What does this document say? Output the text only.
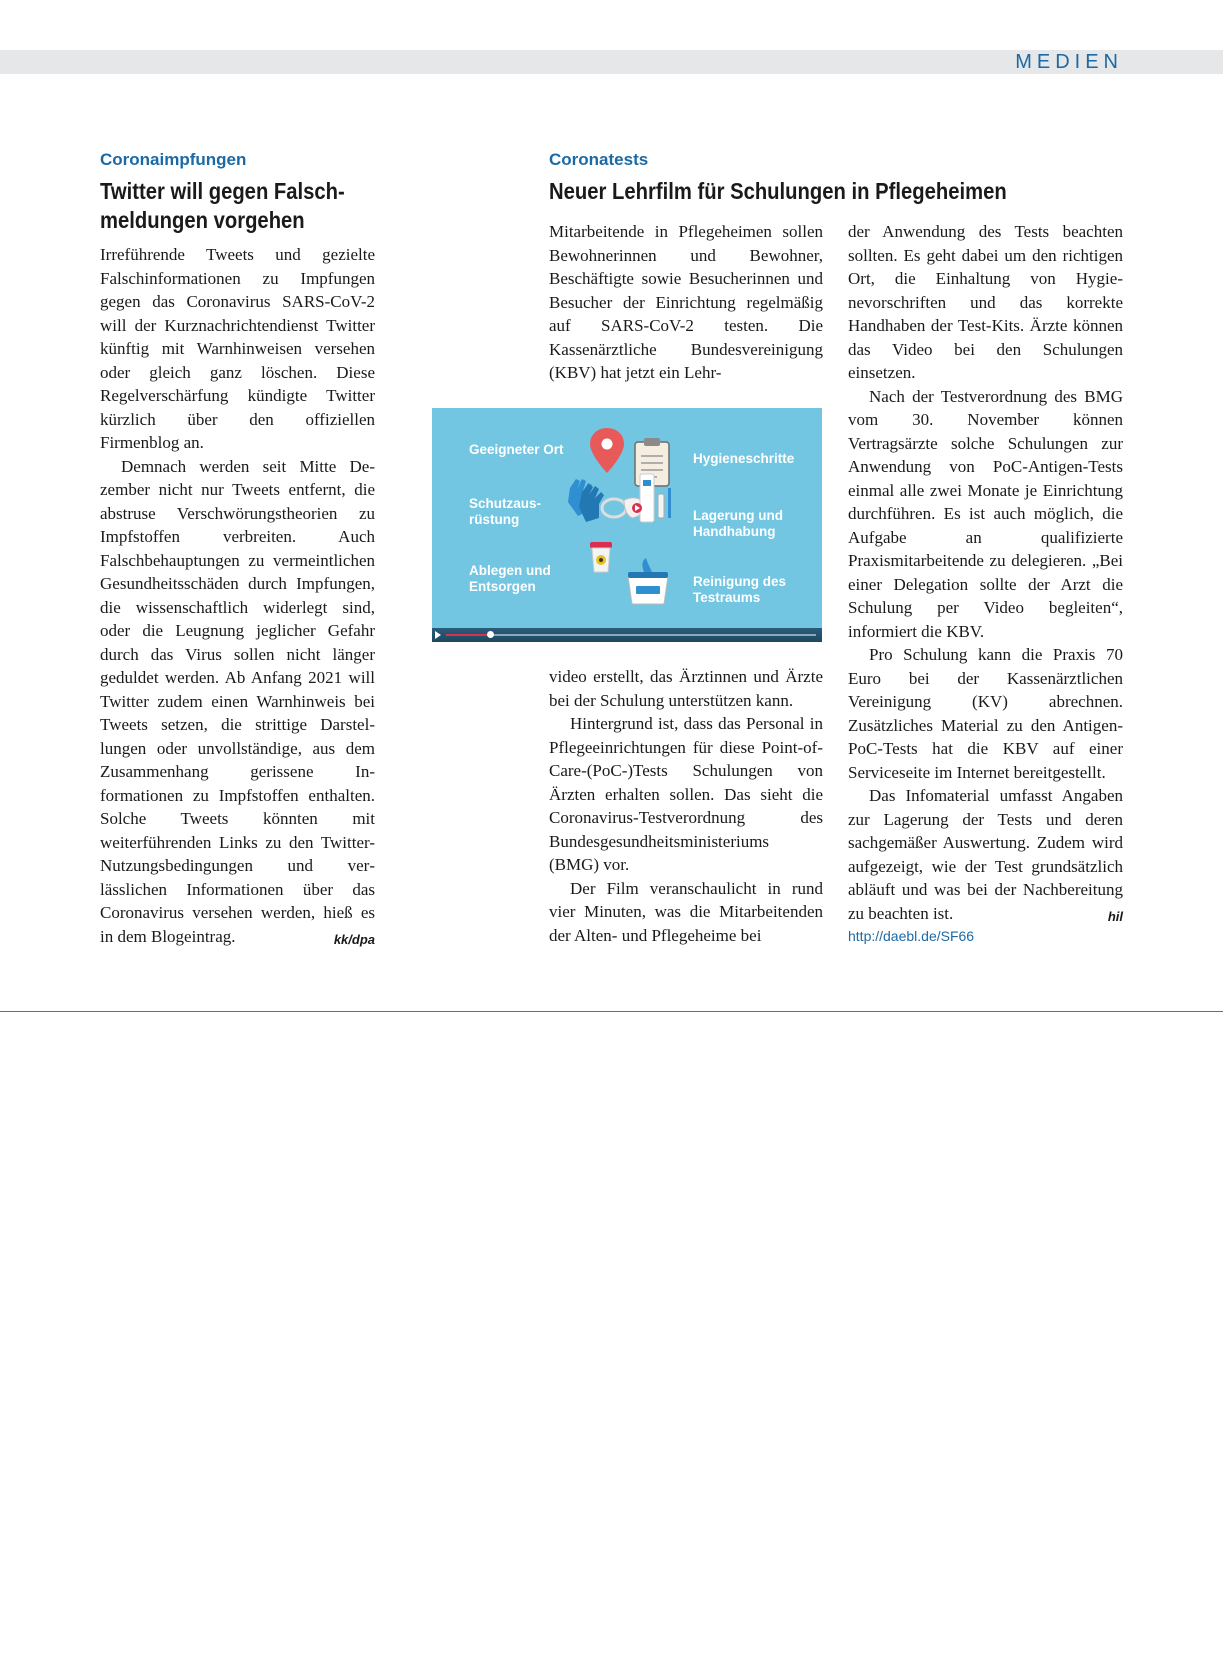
MEDIEN
Coronaimpfungen
Twitter will gegen Falsch-
meldungen vorgehen

Irreführende Tweets und gezielte Falschinformationen zu Impfungen gegen das Coronavirus SARS-CoV-2 will der Kurznachrichtendienst Twitter künftig mit Warnhinweisen versehen oder gleich ganz löschen. Diese Regelverschärfung kündigte Twitter kürzlich über den offiziellen Firmenblog an.

Demnach werden seit Mitte Dezember nicht nur Tweets entfernt, die abstruse Verschwörungstheorien zu Impfstoffen verbreiten. Auch Falschbehauptungen zu vermeintlichen Gesundheitsschäden durch Impfungen, die wissenschaftlich widerlegt sind, oder die Leugnung jeglicher Gefahr durch das Virus sollen nicht länger geduldet werden. Ab Anfang 2021 will Twitter zudem einen Warnhinweis bei Tweets setzen, die strittige Darstellungen oder unvollständige, aus dem Zusammenhang gerissene Informationen zu Impfstoffen enthalten. Solche Tweets könnten mit weiterführenden Links zu den Twitter-Nutzungsbedingungen und verlässlichen Informationen über das Coronavirus versehen werden, hieß es in dem Blogeintrag.	kk/dpa

Coronatests
Neuer Lehrfilm für Schulungen in Pflegeheimen

Mitarbeitende in Pflegeheimen sollen Bewohnerinnen und Bewohner, Beschäftigte sowie Besucherinnen und Besucher der Einrichtung regelmäßig auf SARS-CoV-2 testen. Die Kassenärztliche Bundesvereinigung (KBV) hat jetzt ein Lehr-

Geeigneter Ort
Hygieneschritte
Schutzaus-
rüstung	Lagerung und
Handhabung
Ablegen und
Entsorgen	Reinigung des
Testraums

video erstellt, das Ärztinnen und Ärzte bei der Schulung unterstützen kann.

Hintergrund ist, dass das Personal in Pflegeeinrichtungen für diese Point-of-Care-(PoC-)Tests Schulungen von Ärzten erhalten sollen. Das sieht die Coronavirus-Testverordnung des Bundesgesundheitsministeriums (BMG) vor.

Der Film veranschaulicht in rund vier Minuten, was die Mitarbeitenden der Alten- und Pflegeheime bei

der Anwendung des Tests beachten sollten. Es geht dabei um den richtigen Ort, die Einhaltung von Hygienevorschriften und das korrekte Handhaben der Test-Kits. Ärzte können das Video bei den Schulungen einsetzen.

Nach der Testverordnung des BMG vom 30. November können Vertragsärzte solche Schulungen zur Anwendung von PoC-Antigen-Tests einmal alle zwei Monate je Einrichtung durchführen. Es ist auch möglich, die Aufgabe an qualifizierte Praxismitarbeitende zu delegieren. „Bei einer Delegation sollte der Arzt die Schulung per Video begleiten“, informiert die KBV.

Pro Schulung kann die Praxis 70 Euro bei der Kassenärztlichen Vereinigung (KV) abrechnen. Zusätzliches Material zu den Antigen-PoC-Tests hat die KBV auf einer Serviceseite im Internet bereitgestellt.

Das Infomaterial umfasst Angaben zur Lagerung der Tests und deren sachgemäßer Auswertung. Zudem wird aufgezeigt, wie der Test grundsätzlich abläuft und was bei der Nachbereitung zu beachten ist.	hil

http://daebl.de/SF66
